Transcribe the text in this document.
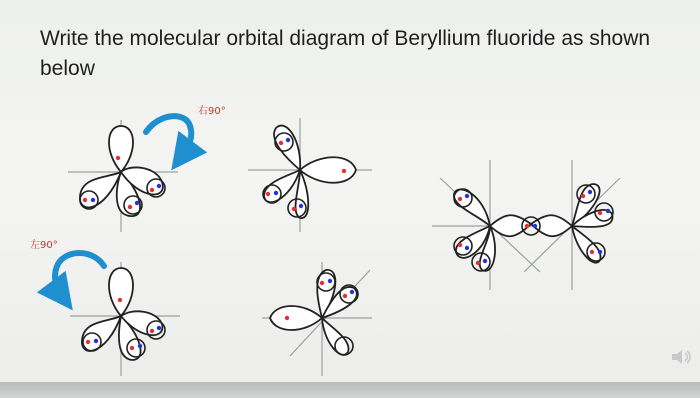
Write the molecular orbital diagram of Beryllium fluoride as shown below
右90°
左90°
